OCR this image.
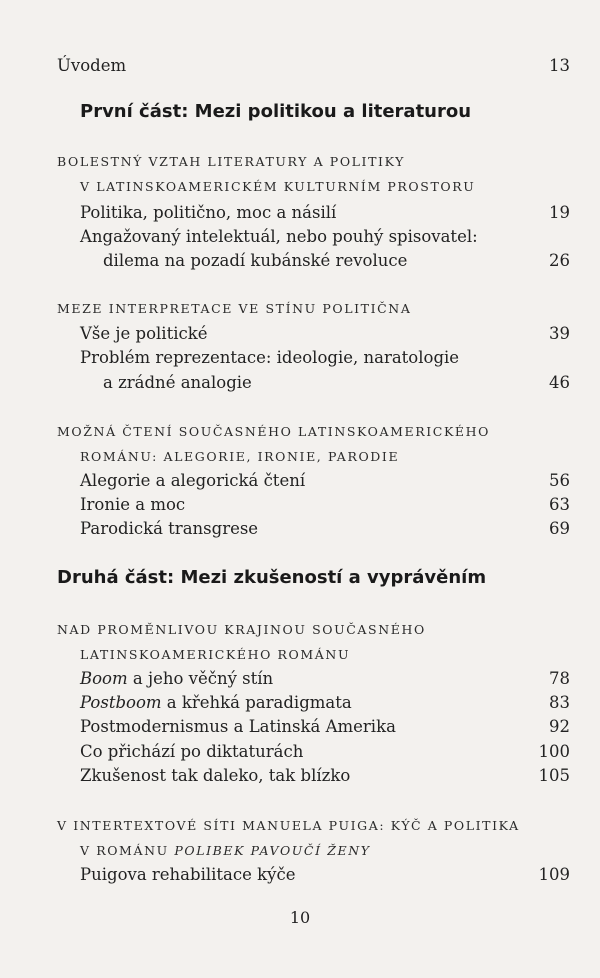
Úvodem	13
První část: Mezi politikou a literaturou
BOLESTNÝ VZTAH LITERATURY A POLITIKY
V LATINSKOAMERICKÉM KULTURNÍM PROSTORU
Politika, politično, moc a násilí	19
Angažovaný intelektuál, nebo pouhý spisovatel:
dilema na pozadí kubánské revoluce	26
MEZE INTERPRETACE VE STÍNU POLITIČNA
Vše je politické	39
Problém reprezentace: ideologie, naratologie
a zrádné analogie	46
MOŽNÁ ČTENÍ SOUČASNÉHO LATINSKOAMERICKÉHO
ROMÁNU: ALEGORIE, IRONIE, PARODIE
Alegorie a alegorická čtení	56
Ironie a moc	63
Parodická transgrese	69
Druhá část: Mezi zkušeností a vyprávěním
NAD PROMĚNLIVOU KRAJINOU SOUČASNÉHO
LATINSKOAMERICKÉHO ROMÁNU
Boom a jeho věčný stín	78
Postboom a křehká paradigmata	83
Postmodernismus a Latinská Amerika	92
Co přichází po diktaturách	100
Zkušenost tak daleko, tak blízko	105
V INTERTEXTOVÉ SÍTI MANUELA PUIGA: KÝČ A POLITIKA
V ROMÁNU POLIBEK PAVOUČÍ ŽENY
Puigova rehabilitace kýče	109
10
